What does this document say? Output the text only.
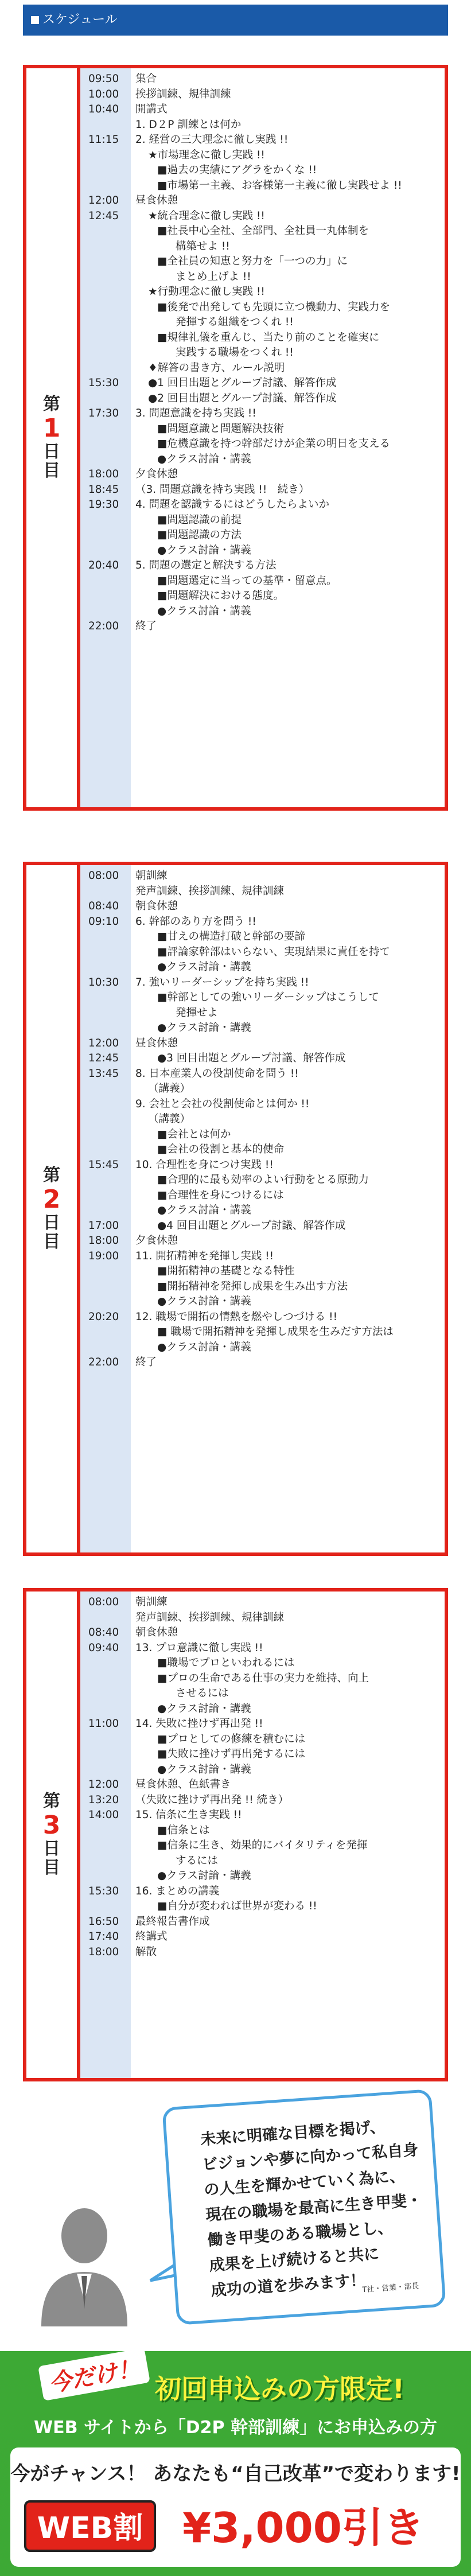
スケジュール
第
1
日
目
09:50	集合
10:00	挨拶訓練、規律訓練
10:40	開講式
1. D２P 訓練とは何か
11:15	2. 経営の三大理念に徹し実践 !!
★市場理念に徹し実践 !!
■過去の実績にアグラをかくな !!
■市場第一主義、お客様第一主義に徹し実践せよ !!
12:00	昼食休憩
12:45	★統合理念に徹し実践 !!
■社長中心全社、全部門、全社員一丸体制を
構築せよ !!
■全社員の知恵と努力を「一つの力」に
まとめ上げよ !!
★行動理念に徹し実践 !!
■後発で出発しても先頭に立つ機動力、実践力を
発揮する組織をつくれ !!
■規律礼儀を重んじ、当たり前のことを確実に
実践する職場をつくれ !!
♦解答の書き方、ルール説明
15:30	●1 回目出題とグループ討議、解答作成
●2 回目出題とグループ討議、解答作成
17:30	3. 問題意識を持ち実践 !!
■問題意識と問題解決技術
■危機意識を持つ幹部だけが企業の明日を支える
●クラス討論・講義
18:00	夕食休憩
18:45	（3. 問題意識を持ち実践 !!　続き）
19:30	4. 問題を認識するにはどうしたらよいか
■問題認識の前提
■問題認識の方法
●クラス討論・講義
20:40	5. 問題の選定と解決する方法
■問題選定に当っての基準・留意点。
■問題解決における態度。
●クラス討論・講義
22:00	終了
第
2
日
目
08:00	朝訓練
発声訓練、挨拶訓練、規律訓練
08:40	朝食休憩
09:10	6. 幹部のあり方を問う !!
■甘えの構造打破と幹部の要諦
■評論家幹部はいらない、実現結果に責任を持て
●クラス討論・講義
10:30	7. 強いリーダーシップを持ち実践 !!
■幹部としての強いリーダーシップはこうして
発揮せよ
●クラス討論・講義
12:00	昼食休憩
12:45	●3 回目出題とグループ討議、解答作成
13:45	8. 日本産業人の役割使命を問う !!
（講義）
9. 会社と会社の役割使命とは何か !!
（講義）
■会社とは何か
■会社の役割と基本的使命
15:45	10. 合理性を身につけ実践 !!
■合理的に最も効率のよい行動をとる原動力
■合理性を身につけるには
●クラス討論・講義
17:00	●4 回目出題とグループ討議、解答作成
18:00	夕食休憩
19:00	11. 開拓精神を発揮し実践 !!
■開拓精神の基礎となる特性
■開拓精神を発揮し成果を生み出す方法
●クラス討論・講義
20:20	12. 職場で開拓の情熱を燃やしつづける !!
■ 職場で開拓精神を発揮し成果を生みだす方法は
●クラス討論・講義
22:00	終了
第
3
日
目
08:00	朝訓練
発声訓練、挨拶訓練、規律訓練
08:40	朝食休憩
09:40	13. プロ意識に徹し実践 !!
■職場でプロといわれるには
■プロの生命である仕事の実力を維持、向上
させるには
●クラス討論・講義
11:00	14. 失敗に挫けず再出発 !!
■プロとしての修練を積むには
■失敗に挫けず再出発するには
●クラス討論・講義
12:00	昼食休憩、色紙書き
13:20	（失敗に挫けず再出発 !! 続き）
14:00	15. 信条に生き実践 !!
■信条とは
■信条に生き、効果的にバイタリティを発揮
するには
●クラス討論・講義
15:30	16. まとめの講義
■自分が変われば世界が変わる !!
16:50	最終報告書作成
17:40	終講式
18:00	解散
未来に明確な目標を掲げ、
ビジョンや夢に向かって私自身
の人生を輝かせていく為に、
現在の職場を最高に生き甲斐・
働き甲斐のある職場とし、
成果を上げ続けると共に
成功の道を歩みます！
T社・営業・部長
今だけ！ 初回申込みの方限定!
WEB サイトから「D2P 幹部訓練」にお申込みの方
今がチャンス！ あなたも“自己改革”で変わります!
WEB割 ¥3,000引き
